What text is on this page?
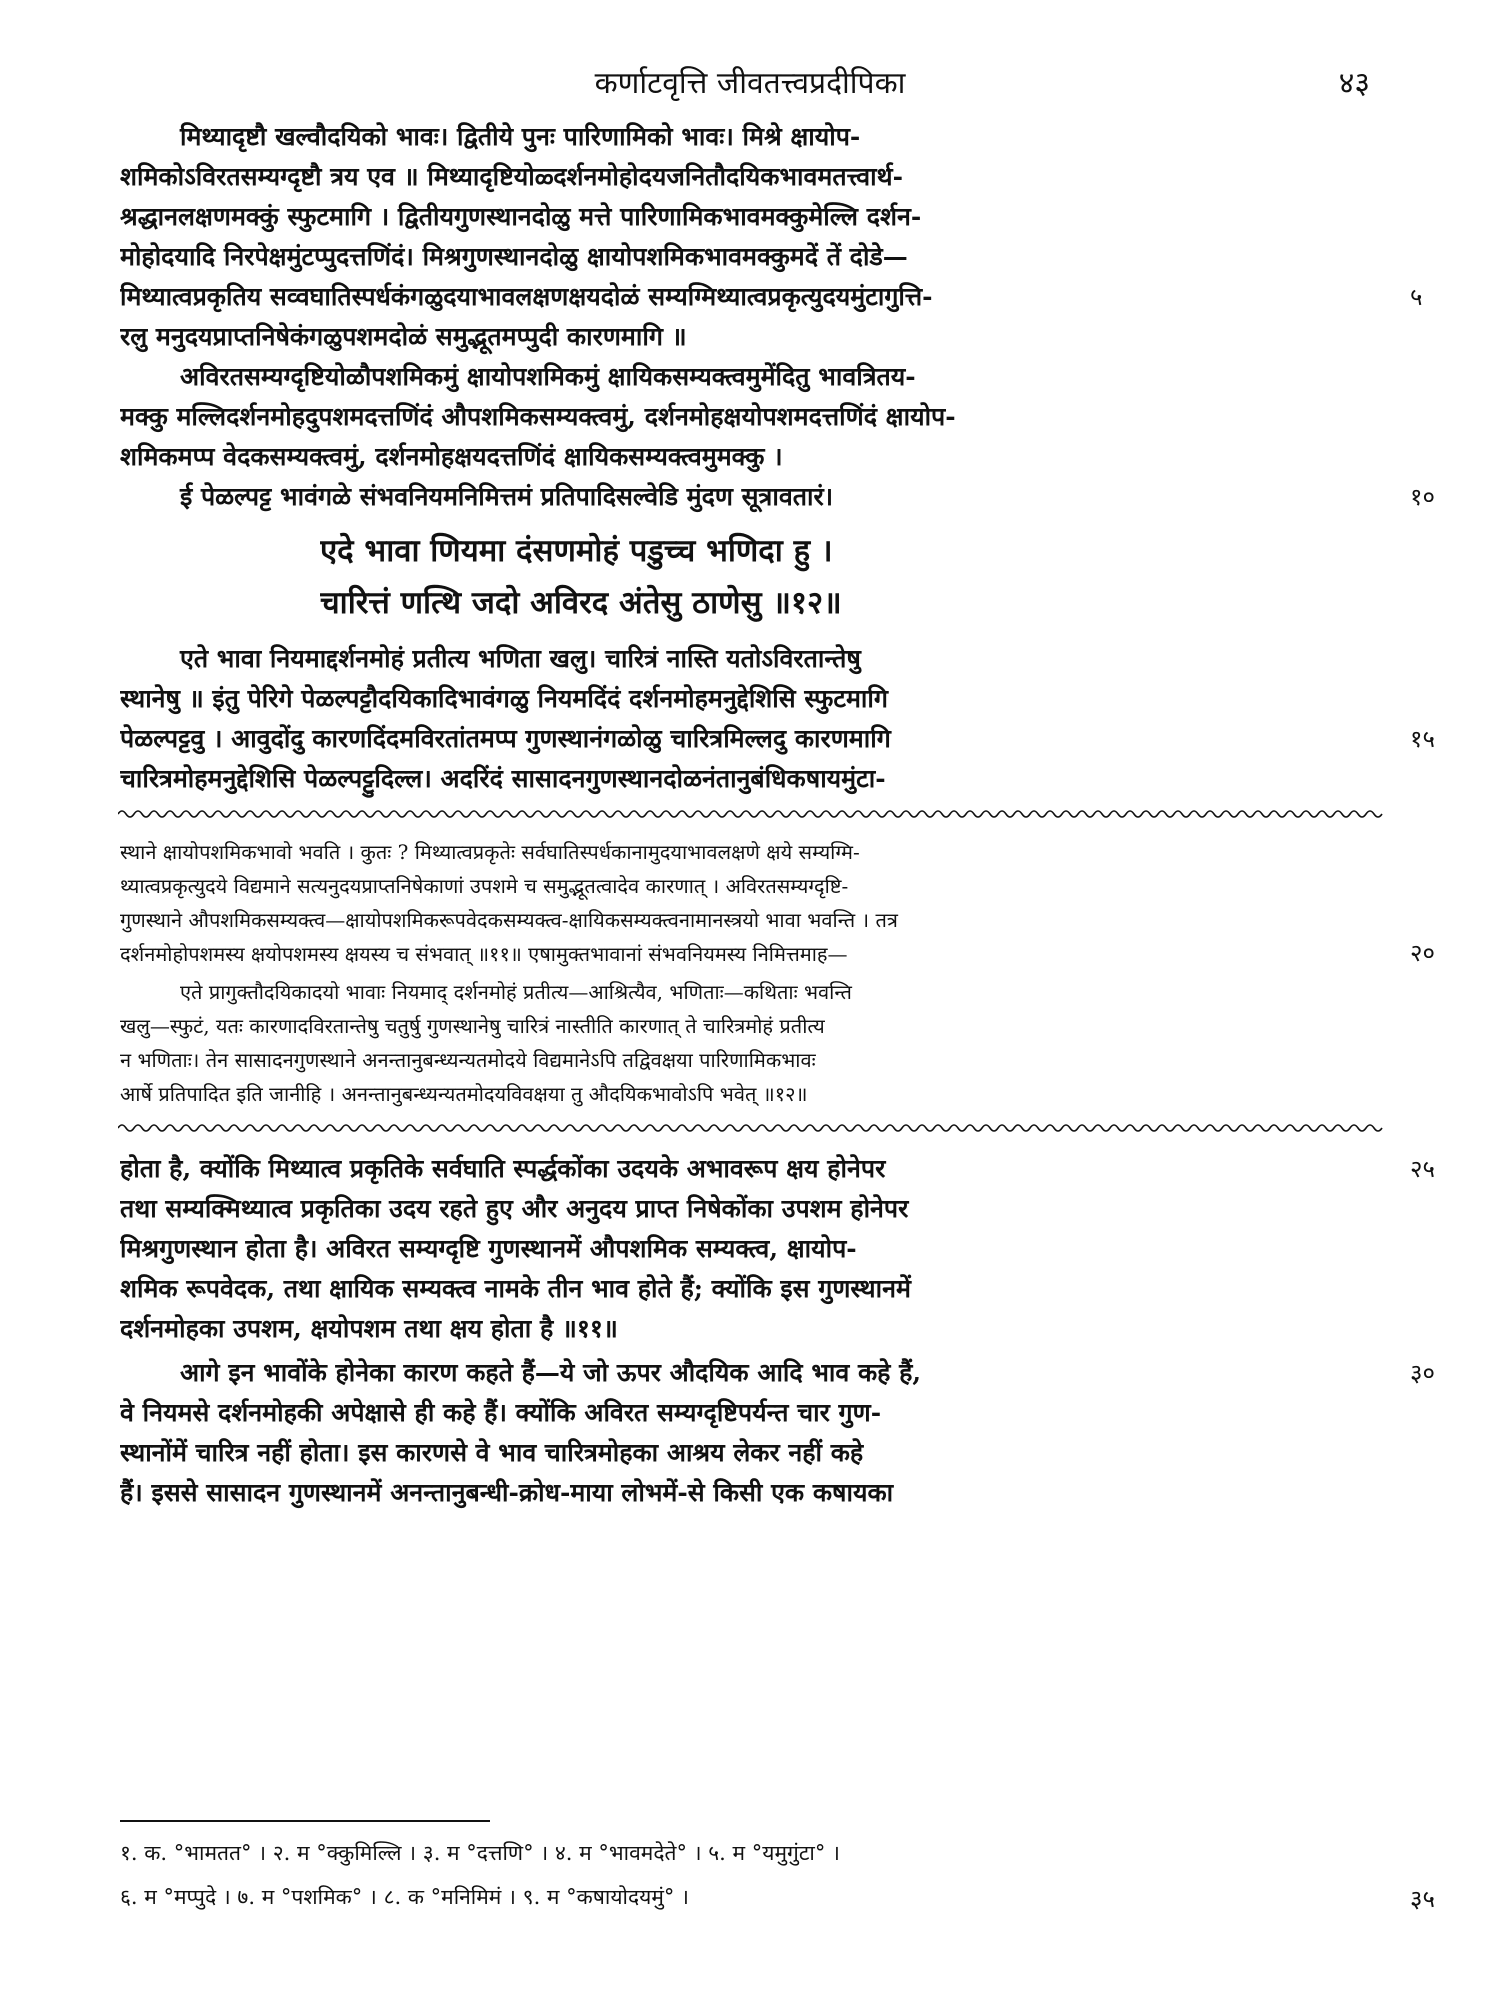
कर्णाटवृत्ति जीवतत्त्वप्रदीपिका	४३
मिथ्यादृष्टौ खल्वौदयिको भावः। द्वितीये पुनः पारिणामिको भावः। मिश्रे क्षायोप-
शमिकोऽविरतसम्यग्दृष्टौ त्रय एव ॥ मिथ्यादृष्टियोळ्दर्शनमोहोदयजनितौदयिकभावमतत्त्वार्थ-
श्रद्धानलक्षणमक्कुं स्फुटमागि । द्वितीयगुणस्थानदोळु मत्ते पारिणामिकभावमक्कुमेल्लि दर्शन-
मोहोदयादि निरपेक्षमुंटप्पुदत्तणिंदं। मिश्रगुणस्थानदोळु क्षायोपशमिकभावमक्कुमदें तें दोडे—
मिथ्यात्वप्रकृतिय सव्वघातिस्पर्धकंगळुदयाभावलक्षणक्षयदोळं सम्यग्मिथ्यात्वप्रकृत्युदयमुंटागुत्ति-
रलु मनुदयप्राप्तनिषेकंगळुपशमदोळं समुद्भूतमप्पुदी कारणमागि ॥
अविरतसम्यग्दृष्टियोळौपशमिकमुं क्षायोपशमिकमुं क्षायिकसम्यक्त्वमुमेंदितु भावत्रितय-
मक्कु मल्लिदर्शनमोहदुपशमदत्तणिंदं औपशमिकसम्यक्त्वमुं, दर्शनमोहक्षयोपशमदत्तणिंदं क्षायोप-
शमिकमप्प वेदकसम्यक्त्वमुं, दर्शनमोहक्षयदत्तणिंदं क्षायिकसम्यक्त्वमुमक्कु ।
ई पेळल्पट्ट भावंगळे संभवनियमनिमित्तमं प्रतिपादिसल्वेडि मुंदण सूत्रावतारं।
एदे भावा णियमा दंसणमोहं पडुच्च भणिदा हु ।
चारित्तं णत्थि जदो अविरद अंतेसु ठाणेसु ॥१२॥
एते भावा नियमाद्दर्शनमोहं प्रतीत्य भणिता खलु। चारित्रं नास्ति यतोऽविरतान्तेषु
स्थानेषु ॥ इंतु पेरिगे पेळल्पट्टौदयिकादिभावंगळु नियमदिंदं दर्शनमोहमनुद्देशिसि स्फुटमागि
पेळल्पट्टवु । आवुदोंदु कारणदिंदमविरतांतमप्प गुणस्थानंगळोळु चारित्रमिल्लदु कारणमागि
चारित्रमोहमनुद्देशिसि पेळल्पट्टुदिल्ल। अदरिंदं सासादनगुणस्थानदोळनंतानुबंधिकषायमुंटा-
स्थाने क्षायोपशमिकभावो भवति । कुतः ? मिथ्यात्वप्रकृतेः सर्वघातिस्पर्धकानामुदयाभावलक्षणे क्षये सम्यग्मि-
थ्यात्वप्रकृत्युदये विद्यमाने सत्यनुदयप्राप्तनिषेकाणां उपशमे च समुद्भूतत्वादेव कारणात् । अविरतसम्यग्दृष्टि-
गुणस्थाने औपशमिकसम्यक्त्व—क्षायोपशमिकरूपवेदकसम्यक्त्व-क्षायिकसम्यक्त्वनामानस्त्रयो भावा भवन्ति । तत्र
दर्शनमोहोपशमस्य क्षयोपशमस्य क्षयस्य च संभवात् ॥११॥ एषामुक्तभावानां संभवनियमस्य निमित्तमाह—
एते प्रागुक्तौदयिकादयो भावाः नियमाद् दर्शनमोहं प्रतीत्य—आश्रित्यैव, भणिताः—कथिताः भवन्ति
खलु—स्फुटं, यतः कारणादविरतान्तेषु चतुर्षु गुणस्थानेषु चारित्रं नास्तीति कारणात् ते चारित्रमोहं प्रतीत्य
न भणिताः। तेन सासादनगुणस्थाने अनन्तानुबन्ध्यन्यतमोदये विद्यमानेऽपि तद्विवक्षया पारिणामिकभावः
आर्षे प्रतिपादित इति जानीहि । अनन्तानुबन्ध्यन्यतमोदयविवक्षया तु औदयिकभावोऽपि भवेत् ॥१२॥
होता है, क्योंकि मिथ्यात्व प्रकृतिके सर्वघाति स्पर्द्धकोंका उदयके अभावरूप क्षय होनेपर
तथा सम्यक्मिथ्यात्व प्रकृतिका उदय रहते हुए और अनुदय प्राप्त निषेकोंका उपशम होनेपर
मिश्रगुणस्थान होता है। अविरत सम्यग्दृष्टि गुणस्थानमें औपशमिक सम्यक्त्व, क्षायोप-
शमिक रूपवेदक, तथा क्षायिक सम्यक्त्व नामके तीन भाव होते हैं; क्योंकि इस गुणस्थानमें
दर्शनमोहका उपशम, क्षयोपशम तथा क्षय होता है ॥११॥
आगे इन भावोंके होनेका कारण कहते हैं—ये जो ऊपर औदयिक आदि भाव कहे हैं,
वे नियमसे दर्शनमोहकी अपेक्षासे ही कहे हैं। क्योंकि अविरत सम्यग्दृष्टिपर्यन्त चार गुण-
स्थानोंमें चारित्र नहीं होता। इस कारणसे वे भाव चारित्रमोहका आश्रय लेकर नहीं कहे
हैं। इससे सासादन गुणस्थानमें अनन्तानुबन्धी-क्रोध-माया लोभमें-से किसी एक कषायका
१. क. °भामतत° । २. म °क्कुमिल्लि । ३. म °दत्तणि° । ४. म °भावमदेते° । ५. म °यमुगुंटा° ।
६. म °मप्पुदे । ७. म °पशमिक° । ८. क °मनिमिमं । ९. म °कषायोदयमुं° ।
५
१०
१५
२०
२५
३०
३५
